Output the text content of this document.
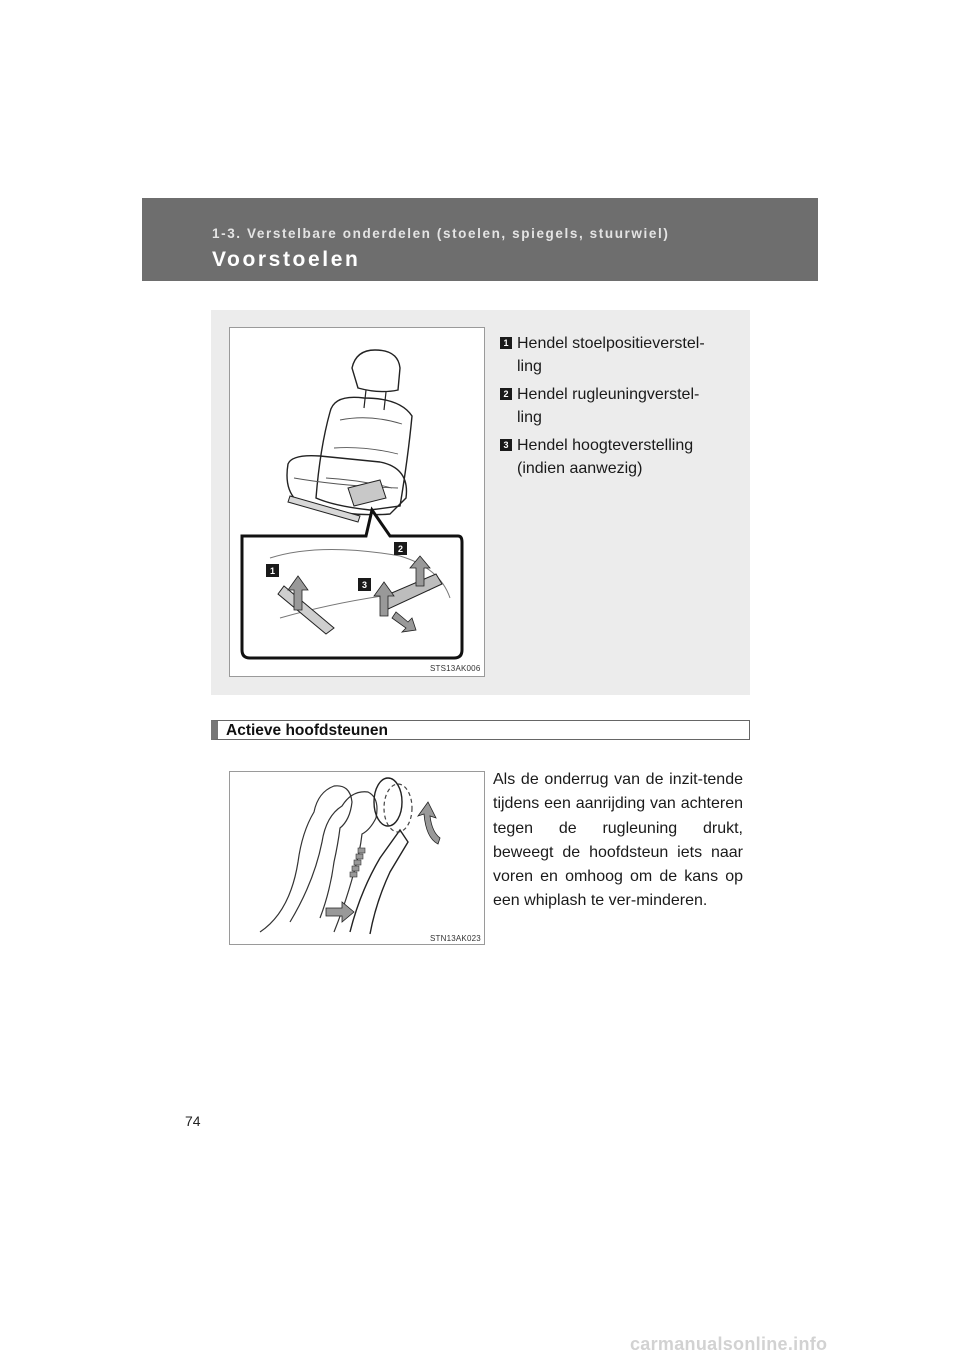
1-3. Verstelbare onderdelen (stoelen, spiegels, stuurwiel)
Voorstoelen
1
2
3
STS13AK006
1 Hendel stoelpositieverstel-
ling
2 Hendel rugleuningverstel-
ling
3 Hendel hoogteverstelling
(indien aanwezig)
Actieve hoofdsteunen
STN13AK023
Als de onderrug van de inzit-tende tijdens een aanrijding van achteren tegen de rugleuning drukt, beweegt de hoofdsteun iets naar voren en omhoog om de kans op een whiplash te ver-minderen.
74
carmanualsonline.info
